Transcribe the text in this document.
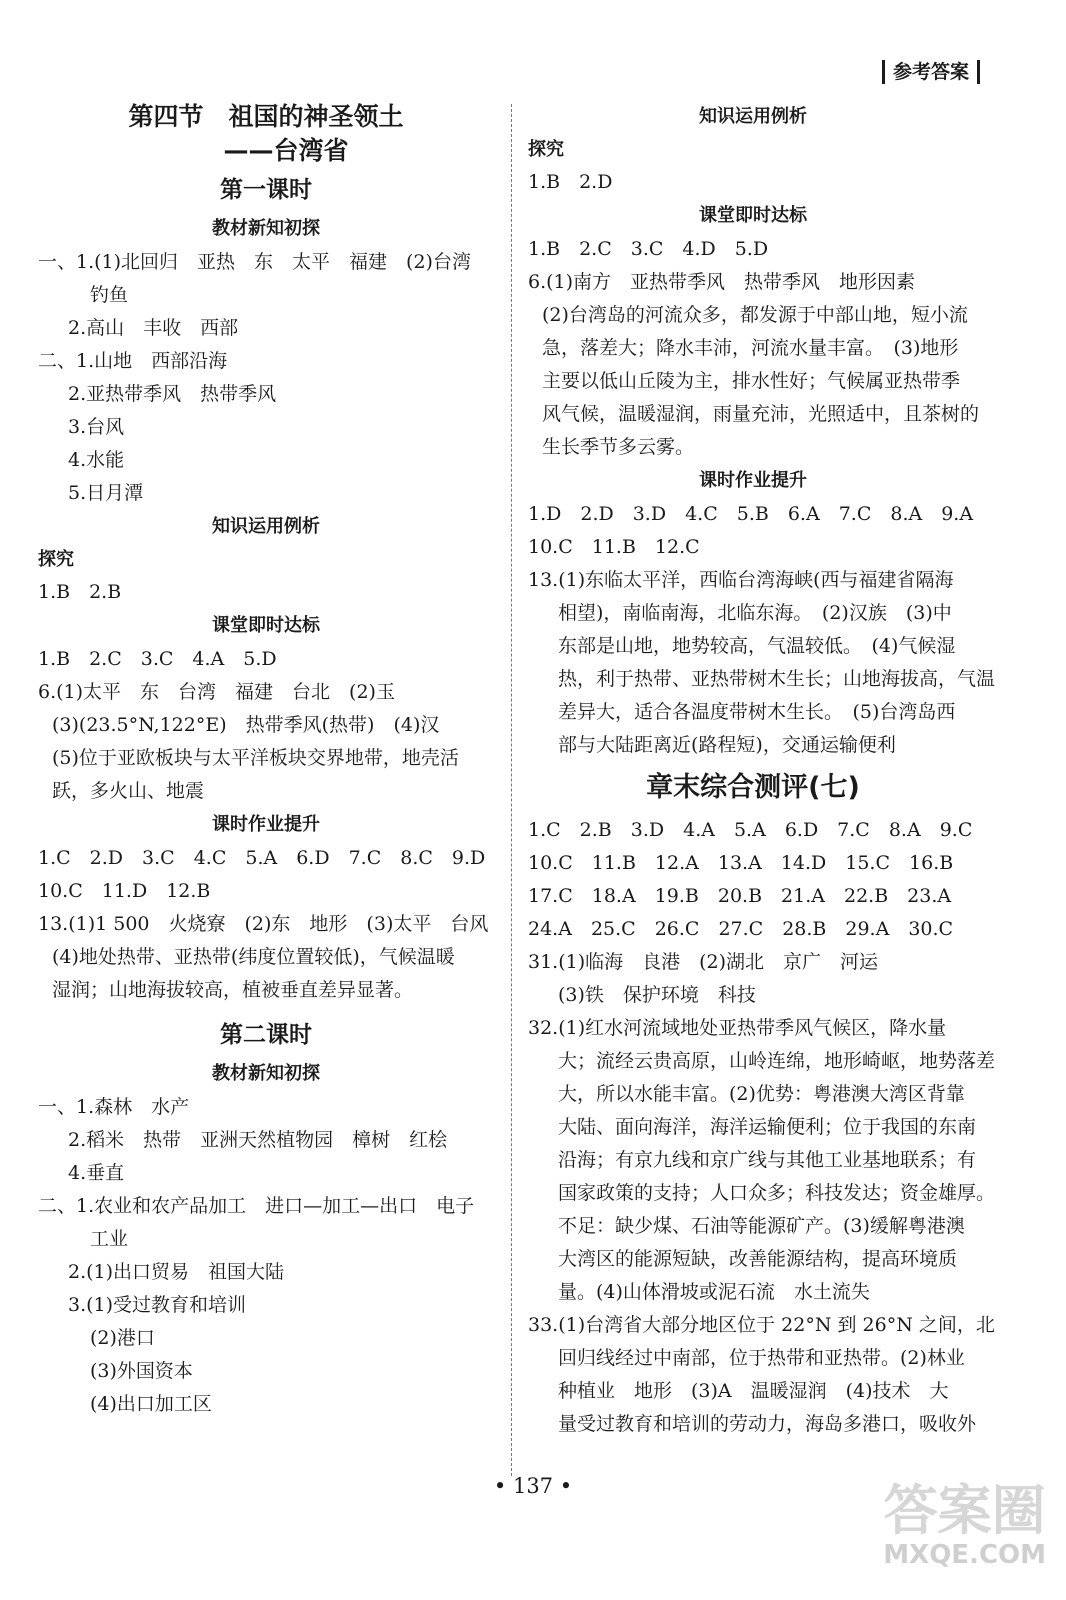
参考答案
第四节　祖国的神圣领土
——台湾省
第一课时
教材新知初探
一、1.(1)北回归　亚热　东　太平　福建　(2)台湾
钓鱼
2.高山　丰收　西部
二、1.山地　西部沿海
2.亚热带季风　热带季风
3.台风
4.水能
5.日月潭
知识运用例析
探究
1.B　2.B
课堂即时达标
1.B　2.C　3.C　4.A　5.D
6.(1)太平　东　台湾　福建　台北　(2)玉
(3)(23.5°N,122°E)　热带季风(热带)　(4)汉
(5)位于亚欧板块与太平洋板块交界地带，地壳活
跃，多火山、地震
课时作业提升
1.C　2.D　3.C　4.C　5.A　6.D　7.C　8.C　9.D
10.C　11.D　12.B
13.(1)1 500　火烧寮　(2)东　地形　(3)太平　台风
(4)地处热带、亚热带(纬度位置较低)，气候温暖
湿润；山地海拔较高，植被垂直差异显著。
第二课时
教材新知初探
一、1.森林　水产
2.稻米　热带　亚洲天然植物园　樟树　红桧
4.垂直
二、1.农业和农产品加工　进口—加工—出口　电子
工业
2.(1)出口贸易　祖国大陆
3.(1)受过教育和培训
(2)港口
(3)外国资本
(4)出口加工区
知识运用例析
探究
1.B　2.D
课堂即时达标
1.B　2.C　3.C　4.D　5.D
6.(1)南方　亚热带季风　热带季风　地形因素
(2)台湾岛的河流众多，都发源于中部山地，短小流
急，落差大；降水丰沛，河流水量丰富。　(3)地形
主要以低山丘陵为主，排水性好；气候属亚热带季
风气候，温暖湿润，雨量充沛，光照适中，且茶树的
生长季节多云雾。
课时作业提升
1.D　2.D　3.D　4.C　5.B　6.A　7.C　8.A　9.A
10.C　11.B　12.C
13.(1)东临太平洋，西临台湾海峡(西与福建省隔海
相望)，南临南海，北临东海。　(2)汉族　(3)中
东部是山地，地势较高，气温较低。　(4)气候湿
热，利于热带、亚热带树木生长；山地海拔高，气温
差异大，适合各温度带树木生长。　(5)台湾岛西
部与大陆距离近(路程短)，交通运输便利
章末综合测评(七)
1.C　2.B　3.D　4.A　5.A　6.D　7.C　8.A　9.C
10.C　11.B　12.A　13.A　14.D　15.C　16.B
17.C　18.A　19.B　20.B　21.A　22.B　23.A
24.A　25.C　26.C　27.C　28.B　29.A　30.C
31.(1)临海　良港　(2)湖北　京广　河运
(3)铁　保护环境　科技
32.(1)红水河流域地处亚热带季风气候区，降水量
大；流经云贵高原，山岭连绵，地形崎岖，地势落差
大，所以水能丰富。(2)优势：粤港澳大湾区背靠
大陆、面向海洋，海洋运输便利；位于我国的东南
沿海；有京九线和京广线与其他工业基地联系；有
国家政策的支持；人口众多；科技发达；资金雄厚。
不足：缺少煤、石油等能源矿产。(3)缓解粤港澳
大湾区的能源短缺，改善能源结构，提高环境质
量。(4)山体滑坡或泥石流　水土流失
33.(1)台湾省大部分地区位于 22°N 到 26°N 之间，北
回归线经过中南部，位于热带和亚热带。(2)林业
种植业　地形　(3)A　温暖湿润　(4)技术　大
量受过教育和培训的劳动力，海岛多港口，吸收外
• 137 •	答案圈
MXQE.COM
